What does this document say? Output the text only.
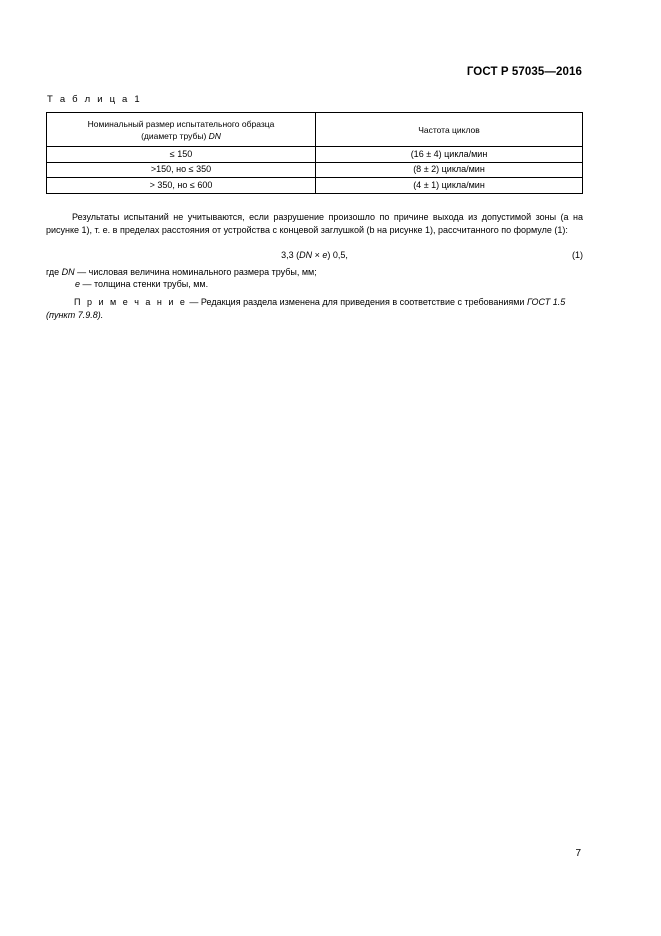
ГОСТ Р 57035—2016
Т а б л и ц а 1
Номинальный размер испытательного образца
(диаметр трубы) DN	Частота циклов
≤ 150	(16 ± 4) цикла/мин
>150, но ≤ 350	(8 ± 2) цикла/мин
> 350, но ≤ 600	(4 ± 1) цикла/мин
Результаты испытаний не учитываются, если разрушение произошло по причине выхода из допустимой зоны (а на рисунке 1), т. е. в пределах расстояния от устройства с концевой заглушкой (b на рисунке 1), рассчитанного по формуле (1):
3,3 (DN × e) 0,5,	(1)
где DN — числовая величина номинального размера трубы, мм;
е — толщина стенки трубы, мм.
П р и м е ч а н и е — Редакция раздела изменена для приведения в соответствие с требованиями ГОСТ 1.5 (пункт 7.9.8).
7
